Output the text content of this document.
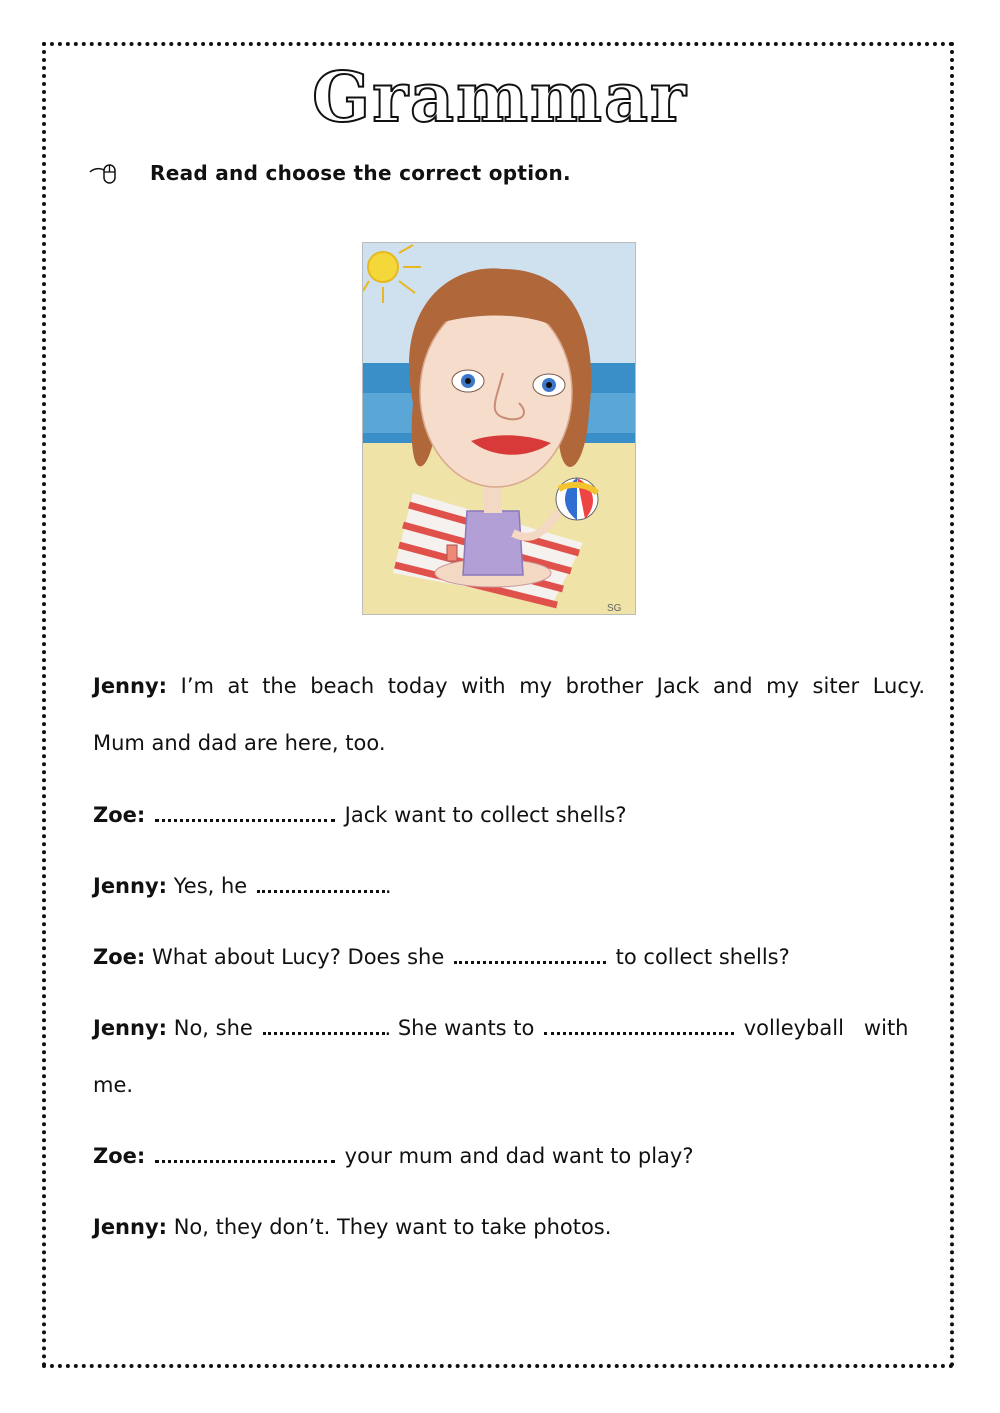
Grammar
Read and choose the correct option.
SG
Jenny: I’m at the beach today with my brother Jack and my siter Lucy.
Mum and dad are here, too.
Zoe:	Jack want to collect shells?
Jenny: Yes, he	.
Zoe: What about Lucy? Does she	to collect shells?
Jenny: No, she	. She wants to	volleyball   with
me.
Zoe:	your mum and dad want to play?
Jenny: No, they don’t. They want to take photos.
